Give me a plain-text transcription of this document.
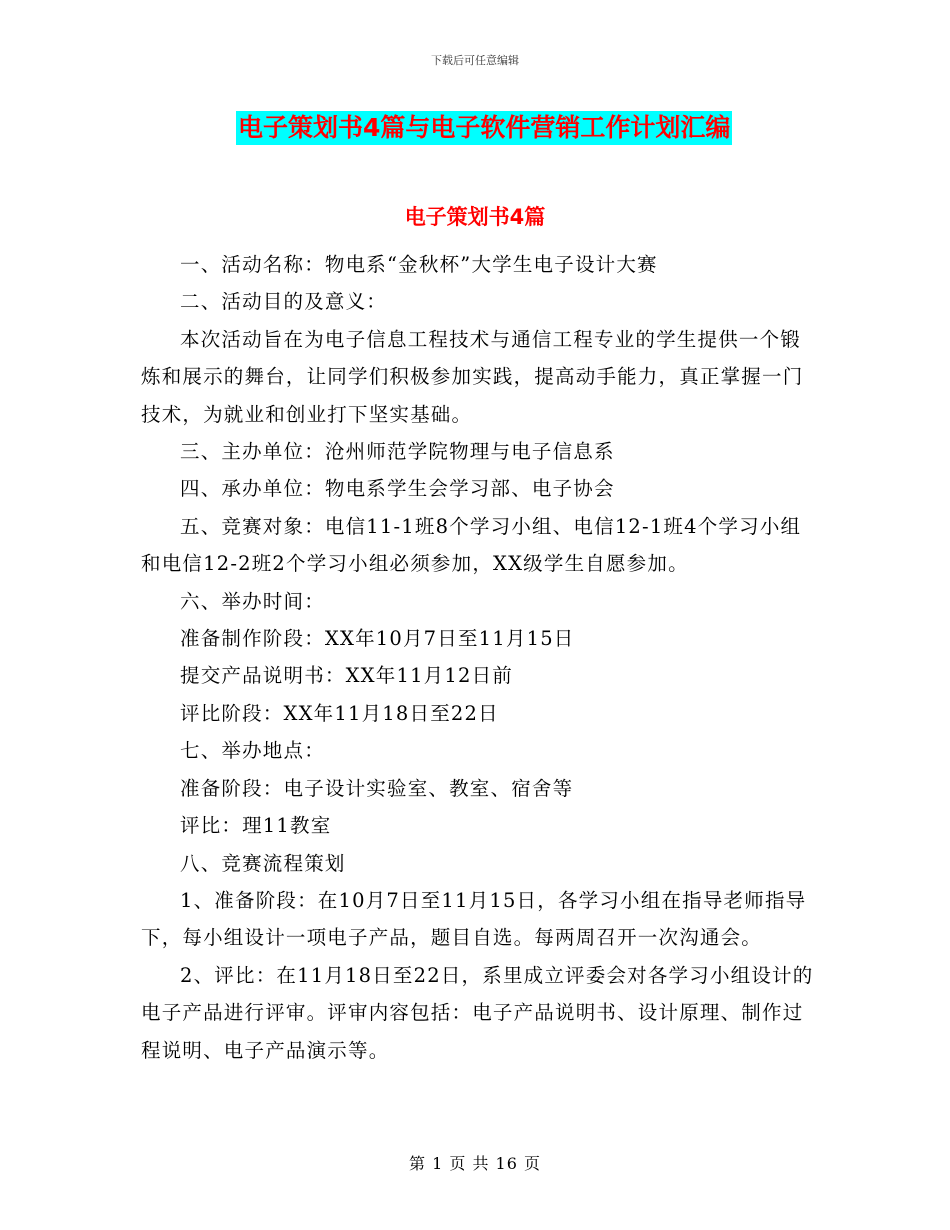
下载后可任意编辑
电子策划书4篇与电子软件营销工作计划汇编
电子策划书4篇

一、活动名称：物电系“金秋杯”大学生电子设计大赛

二、活动目的及意义：

本次活动旨在为电子信息工程技术与通信工程专业的学生提供一个锻炼和展示的舞台，让同学们积极参加实践，提高动手能力，真正掌握一门技术，为就业和创业打下坚实基础。

三、主办单位：沧州师范学院物理与电子信息系

四、承办单位：物电系学生会学习部、电子协会

五、竞赛对象：电信11-1班8个学习小组、电信12-1班4个学习小组和电信12-2班2个学习小组必须参加，XX级学生自愿参加。

六、举办时间：

准备制作阶段：XX年10月7日至11月15日

提交产品说明书：XX年11月12日前

评比阶段：XX年11月18日至22日

七、举办地点：

准备阶段：电子设计实验室、教室、宿舍等

评比：理11教室

八、竞赛流程策划

1、准备阶段：在10月7日至11月15日，各学习小组在指导老师指导下，每小组设计一项电子产品，题目自选。每两周召开一次沟通会。

2、评比：在11月18日至22日，系里成立评委会对各学习小组设计的电子产品进行评审。评审内容包括：电子产品说明书、设计原理、制作过程说明、电子产品演示等。

第 1 页 共 16 页
